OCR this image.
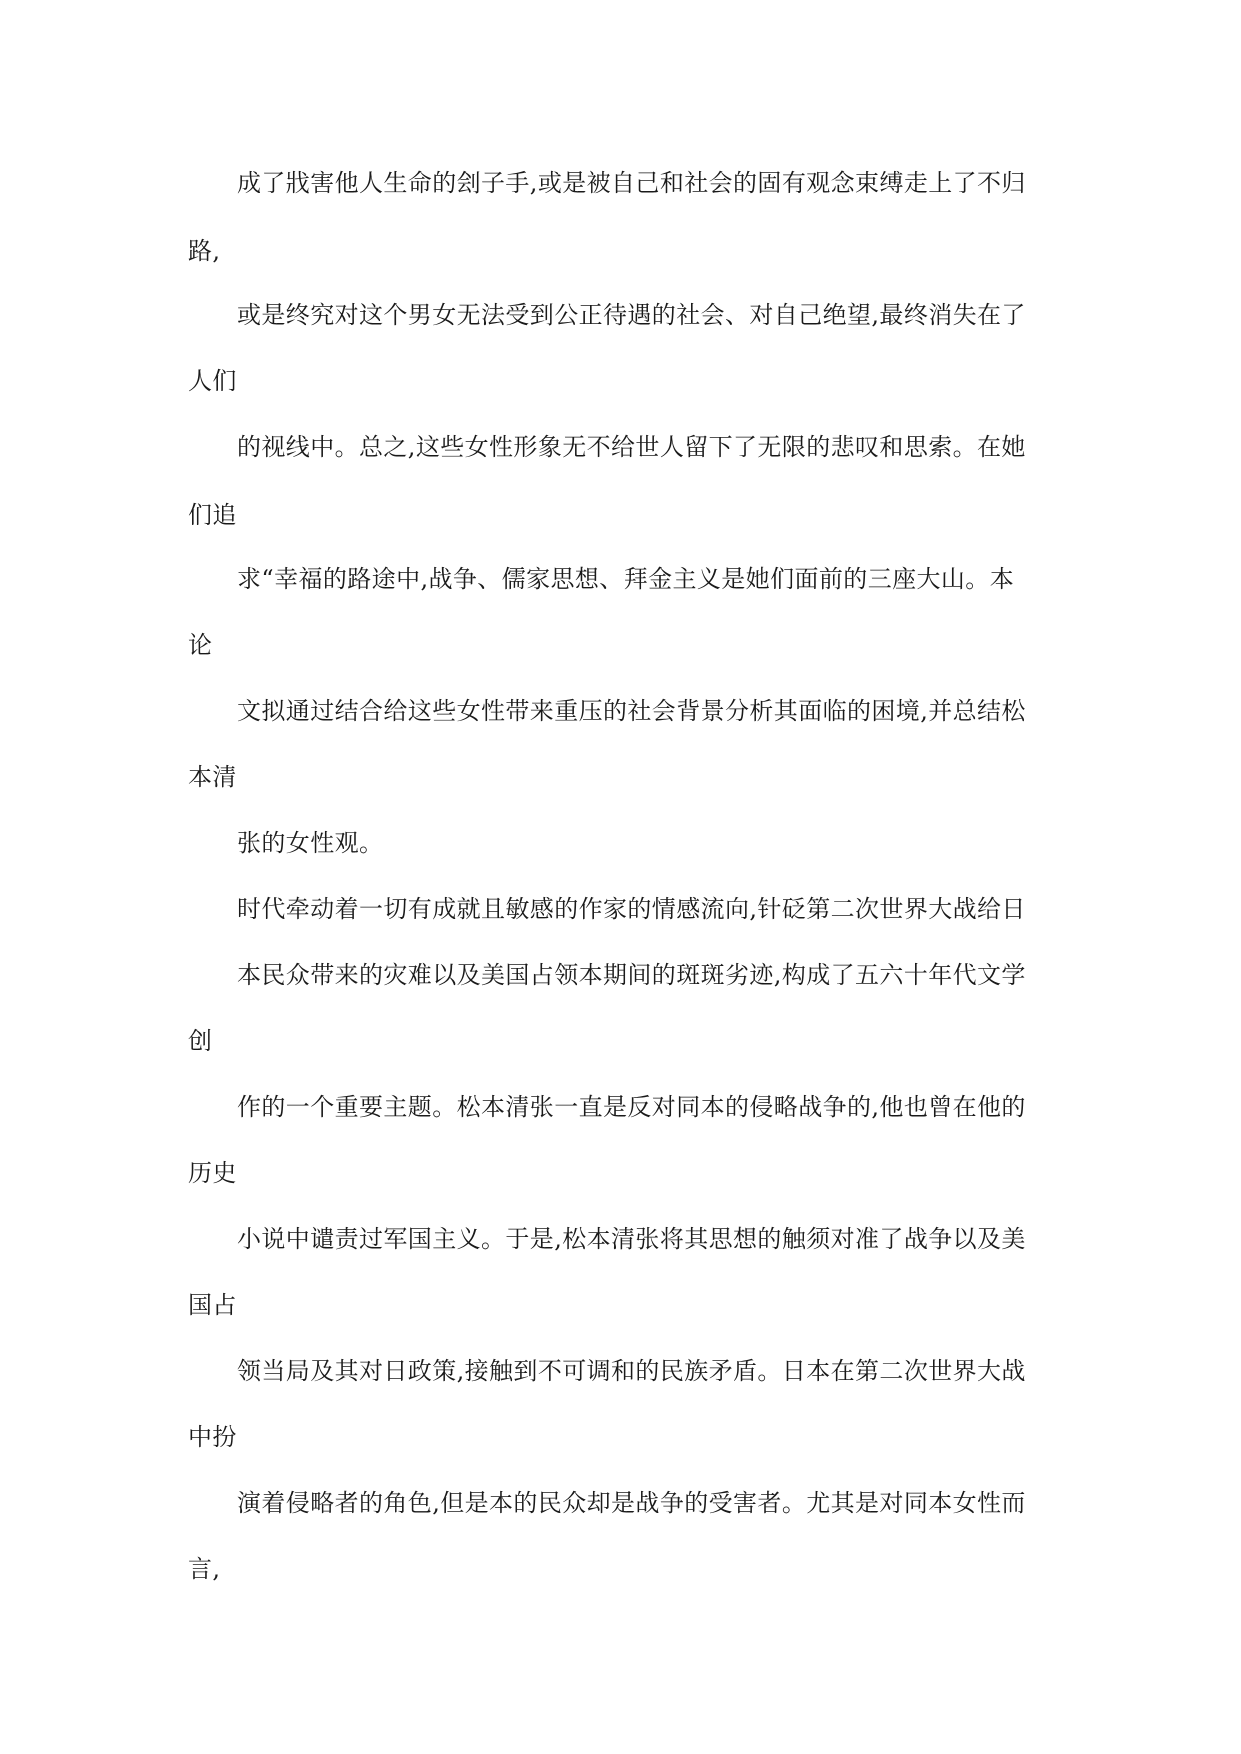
成了戕害他人生命的刽子手,或是被自己和社会的固有观念束缚走上了不归
路,
或是终究对这个男女无法受到公正待遇的社会、对自己绝望,最终消失在了
人们
的视线中。总之,这些女性形象无不给世人留下了无限的悲叹和思索。在她
们追
求“幸福的路途中,战争、儒家思想、拜金主义是她们面前的三座大山。本
论
文拟通过结合给这些女性带来重压的社会背景分析其面临的困境,并总结松
本清
张的女性观。
时代牵动着一切有成就且敏感的作家的情感流向,针砭第二次世界大战给日
本民众带来的灾难以及美国占领本期间的斑斑劣迹,构成了五六十年代文学
创
作的一个重要主题。松本清张一直是反对同本的侵略战争的,他也曾在他的
历史
小说中谴责过军国主义。于是,松本清张将其思想的触须对准了战争以及美
国占
领当局及其对日政策,接触到不可调和的民族矛盾。日本在第二次世界大战
中扮
演着侵略者的角色,但是本的民众却是战争的受害者。尤其是对同本女性而
言,
